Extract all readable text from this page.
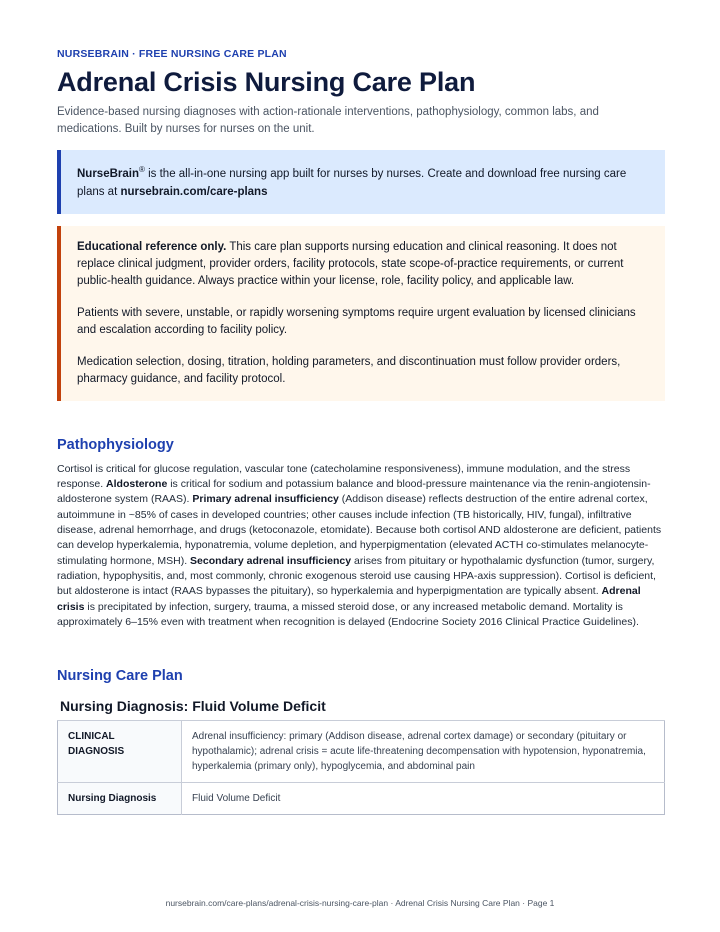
NURSEBRAIN · FREE NURSING CARE PLAN
Adrenal Crisis Nursing Care Plan

Evidence-based nursing diagnoses with action-rationale interventions, pathophysiology, common labs, and medications. Built by nurses for nurses on the unit.

NurseBrain® is the all-in-one nursing app built for nurses by nurses. Create and download free nursing care plans at nursebrain.com/care-plans

Educational reference only. This care plan supports nursing education and clinical reasoning. It does not replace clinical judgment, provider orders, facility protocols, state scope-of-practice requirements, or current public-health guidance. Always practice within your license, role, facility policy, and applicable law.

Patients with severe, unstable, or rapidly worsening symptoms require urgent evaluation by licensed clinicians and escalation according to facility policy.

Medication selection, dosing, titration, holding parameters, and discontinuation must follow provider orders, pharmacy guidance, and facility protocol.

Pathophysiology

Cortisol is critical for glucose regulation, vascular tone (catecholamine responsiveness), immune modulation, and the stress response. Aldosterone is critical for sodium and potassium balance and blood-pressure maintenance via the renin-angiotensin-aldosterone system (RAAS). Primary adrenal insufficiency (Addison disease) reflects destruction of the entire adrenal cortex, autoimmune in ~85% of cases in developed countries; other causes include infection (TB historically, HIV, fungal), infiltrative disease, adrenal hemorrhage, and drugs (ketoconazole, etomidate). Because both cortisol AND aldosterone are deficient, patients can develop hyperkalemia, hyponatremia, volume depletion, and hyperpigmentation (elevated ACTH co-stimulates melanocyte-stimulating hormone, MSH). Secondary adrenal insufficiency arises from pituitary or hypothalamic dysfunction (tumor, surgery, radiation, hypophysitis, and, most commonly, chronic exogenous steroid use causing HPA-axis suppression). Cortisol is deficient, but aldosterone is intact (RAAS bypasses the pituitary), so hyperkalemia and hyperpigmentation are typically absent. Adrenal crisis is precipitated by infection, surgery, trauma, a missed steroid dose, or any increased metabolic demand. Mortality is approximately 6–15% even with treatment when recognition is delayed (Endocrine Society 2016 Clinical Practice Guidelines).

Nursing Care Plan
Nursing Diagnosis: Fluid Volume Deficit
CLINICAL DIAGNOSIS	Adrenal insufficiency: primary (Addison disease, adrenal cortex damage) or secondary (pituitary or hypothalamic); adrenal crisis = acute life-threatening decompensation with hypotension, hyponatremia, hyperkalemia (primary only), hypoglycemia, and abdominal pain
Nursing Diagnosis	Fluid Volume Deficit
nursebrain.com/care-plans/adrenal-crisis-nursing-care-plan · Adrenal Crisis Nursing Care Plan · Page 1
